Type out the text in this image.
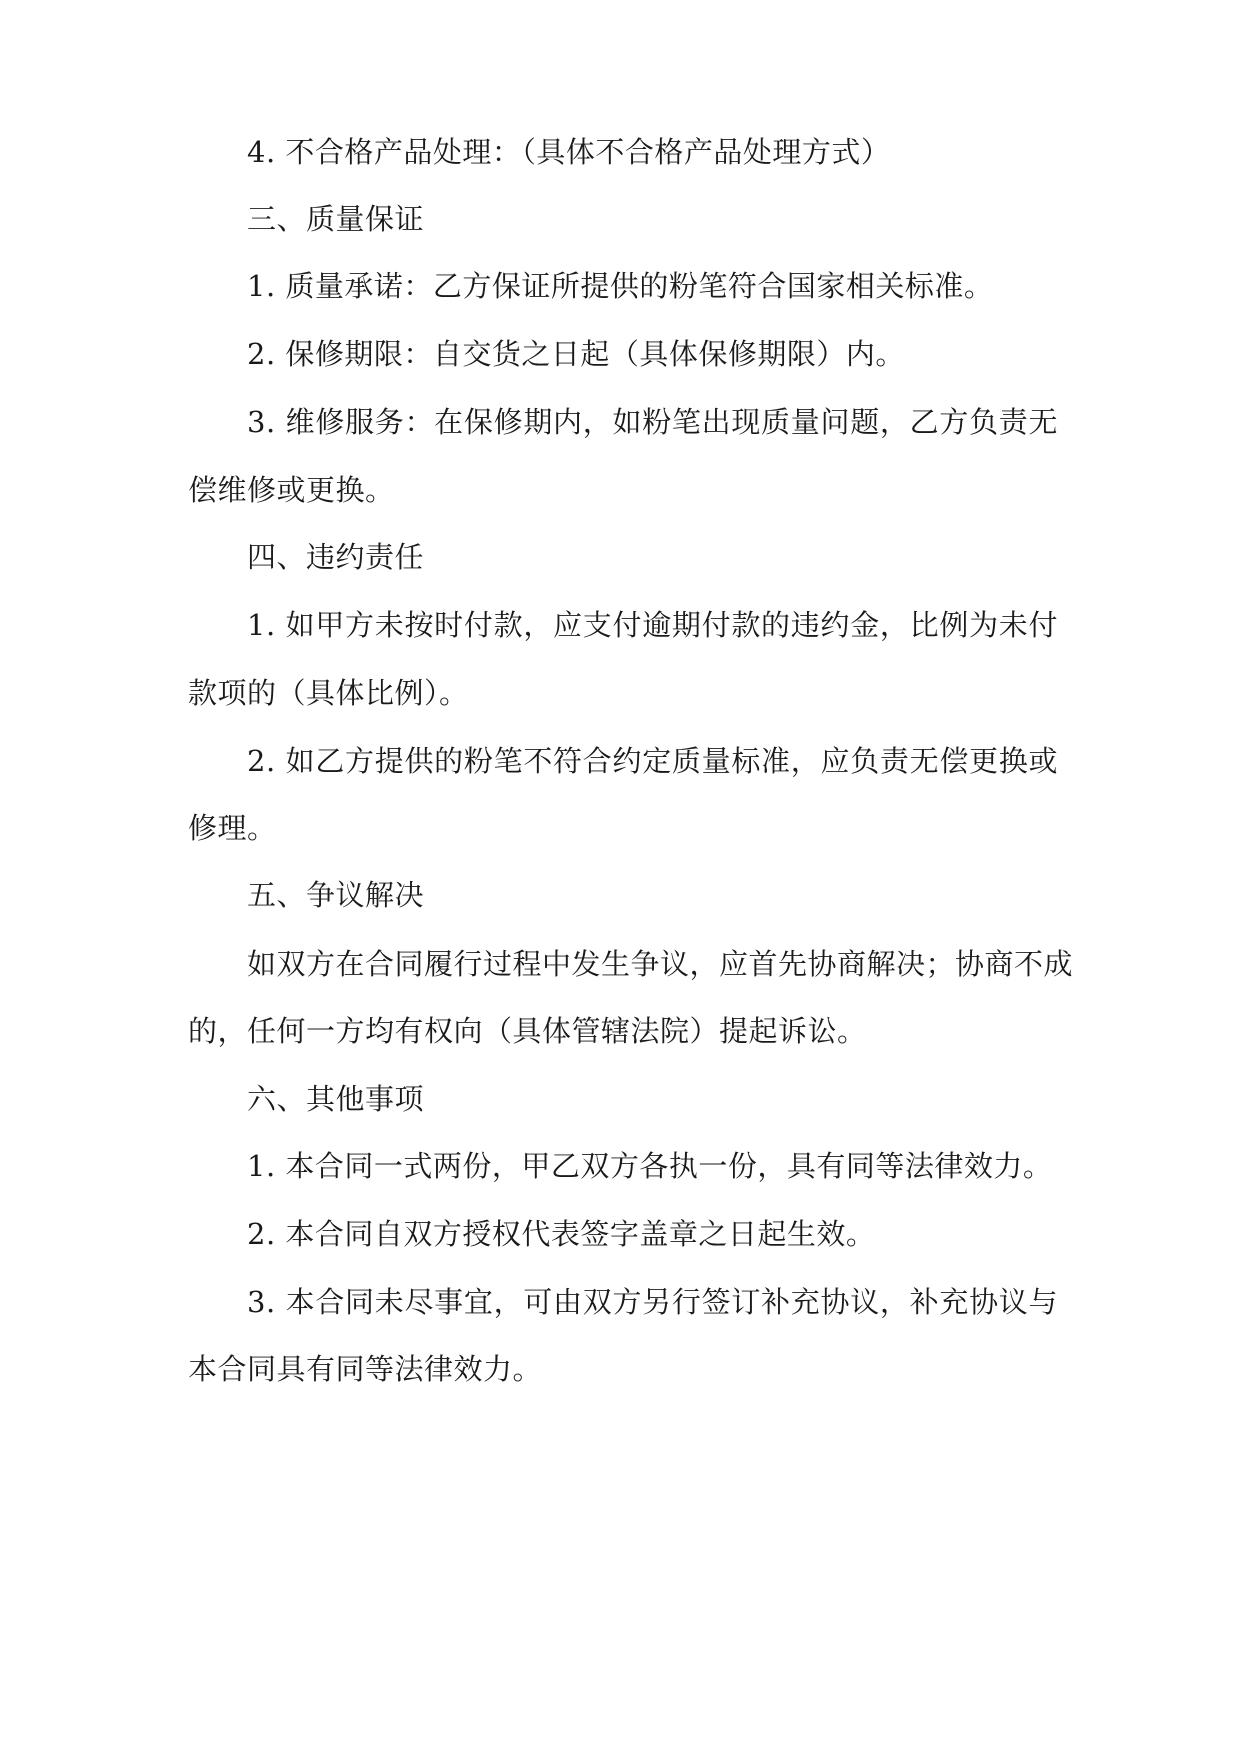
4. 不合格产品处理：（具体不合格产品处理方式）
三、质量保证
1. 质量承诺：乙方保证所提供的粉笔符合国家相关标准。
2. 保修期限：自交货之日起（具体保修期限）内。
3. 维修服务：在保修期内，如粉笔出现质量问题，乙方负责无
偿维修或更换。
四、违约责任
1. 如甲方未按时付款，应支付逾期付款的违约金，比例为未付
款项的（具体比例）。
2. 如乙方提供的粉笔不符合约定质量标准，应负责无偿更换或
修理。
五、争议解决
如双方在合同履行过程中发生争议，应首先协商解决；协商不成
的，任何一方均有权向（具体管辖法院）提起诉讼。
六、其他事项
1. 本合同一式两份，甲乙双方各执一份，具有同等法律效力。
2. 本合同自双方授权代表签字盖章之日起生效。
3. 本合同未尽事宜，可由双方另行签订补充协议，补充协议与
本合同具有同等法律效力。
